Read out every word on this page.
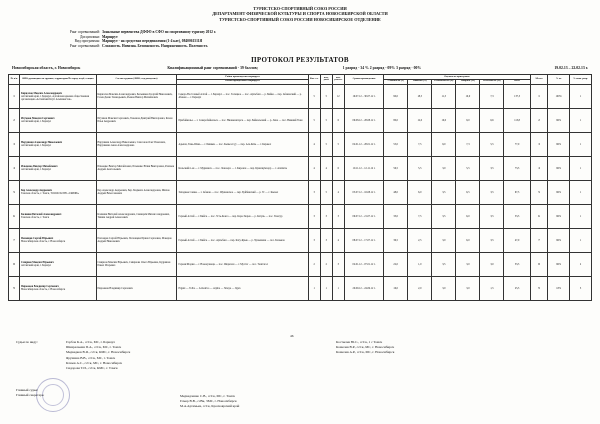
ТУРИСТСКО-СПОРТИВНЫЙ СОЮЗ РОССИИ
ДЕПАРТАМЕНТ ФИЗИЧЕСКОЙ КУЛЬТУРЫ И СПОРТА НОВОСИБИРСКОЙ ОБЛАСТИ
ТУРИСТСКО-СПОРТИВНЫЙ СОЮЗ РОССИИ НОВОСИБИРСКОЕ ОТДЕЛЕНИЕ
Ранг соревнований: Зональные первенства ДФФО в СФО по спортивному туризму 2012 г.
Дисциплина: Маршрут
Вид программы: Маршрут - на средствах передвижения (1-4 кат), 0840061511Я
Ранг соревнований: Сложность. Новизна. Безопасность. Напряженность. Полезность
ПРОТОКОЛ РЕЗУЛЬТАТОВ
Новосибирская область, г. Новосибирск	Квалификационный ранг соревнований - 39 баллов;	1 разряд - 34 % 2 разряд - 09% 3 разряд - 00%	19.02.13 – 22.02.13 г.
№ п/п	ФИО руководителя группы, территория/№ город, клуб, секция	Состав группы (ФИО, год рождения)	Район прохождения маршрута	Кат. сл.	кол. дней	кол. участн.	Сроки прохождения	Оценка по критериям						Место	% от	% вып. разр.
			Нитка пройденного маршрута					Сложность (S)	Новизна (N)	Безопасность (B)	Напряж. (Н)	Полезность (П)	Итог			
1	Кириллов Максим Александрович
Алтайский край, г. Барнаул, Алтайская краевая общественная организация «Алтайский Клуб Альпинистов»	Кириллов Максим Александрович, Бельников Георгий Николаевич, Голев Денис Геннадьевич, Рыжов Виктор Михайлович	Северо-Восточный Алтай — г. Барнаул — пос. Телецкое — пос. Артыбаш — р. Бийка — пер. Абаканский — р. Абакан — г. Барнаул	5	5	12	19.07.12 – 30.07.12 г.	90,0	18,5	11,5	10,0	7,3	137,3	1	100%	1
2	Игумнов Максим Сергеевич
Алтайский край, г. Барнаул	Игумнов Максим Сергеевич, Тюканов Дмитрий Викторович, Кохан Илья Андреевич	Прибайкалье — г. Северобайкальск — пос. Нижнеангарск — пер. Байкальский — р. Лена — пос. Нижний Уоян	5	5	6	09.08.12 – 28.08.12 г.	80,0	12,0	10,0	9,0	6,6	113,8	2	96%	1
3	Нарушкин Александр Николаевич
Алтайский край, г. Барнаул	Нарушкин Александр Николаевич, Самсонов Олег Павлович, Нарушкина Анна Александровна	Адыгея, Тянь-Шань — г. Бишкек — пос. Кызыл-Суу — пер. Ала-Кёль — г. Каракол	4	5	5	02.01.12 – 28.01.12 г.	55,0	7,5	9,0	7,3	5,5	77,0	3	96%	1
4	Ильченко Виктор Михайлович
Алтайский край, г. Барнаул	Ильченко Виктор Михайлович, Ильченко Юлия Викторовна, Рамзаев Андрей Анатольевич	Кольский п-ов — г. Мурманск — пос. Ловозеро — г. Кировск — пер. Кукисвумчорр — г. Апатиты	4	4	6	10.11.12 – 12.11.12 г.	56,5	5,5	3,0	5,5	3,5	73,5	4	96%	1
5	Бер Александр Андреевич
Томская область, г. Томск, ТОООО КЛУБ «СКИФЬ»	Бер Александр Андреевич, Бер Людмила Александровна, Шихов Андрей Вячеславович	Западные Саяны — г. Абакан — пос. Шушенское — пер. Буйбинский — р. Ус — г. Кызыл	3	5	4	05.07.12 – 16.08.12 г.	48,0	6,0	3,5	6,5	3,5	67,5	5	96%	1
6	Калинин Виталий Александрович
Томская область, г. Томск	Калинин Виталий Александрович, Свинарёв Михаил Андреевич, Тишин Андрей Алексеевич	Горный Алтай — г. Бийск — пос. Усть-Кокса — пер. Кара-Тюрек — р. Катунь — пос. Тюнгур	3	3	3	09.07.12 – 21.07.12 г.	33,0	7,5	3,5	6,0	3,5	53,5	6	96%	1
7	Поповцев Сергей Юрьевич
Новосибирская область, г. Новосибирск	Поповцев Сергей Юрьевич, Поповцева Ирина Сергеевна, Макаров Андрей Николаевич	Горный Алтай — г. Бийск — пос. Артыбаш — пер. Кату-Ярык — р. Чулышман — пос. Балыкча	3	3	4	08.07.12 – 17.07.12 г.	36,5	2,5	3,0	6,0	3,5	47,0	7	96%	1
8	Смирнов Максим Юрьевич
Алтайский край, г. Барнаул	Смирнов Максим Юрьевич, Смирнова Ольга Юрьевна, Кудряшов Павел Игоревич	Горная Шория — г. Новокузнецк — пос. Шерегеш — г. Мустаг — пос. Таштагол	2	2	3	02.01.12 – 07.01.12 г.	22,0	1,0	3,5	3,0	3,0	33,5	8	96%	2
9	Пирожков Владимир Сергеевич
Новосибирская область, г. Новосибирск	Пирожков Владимир Сергеевич	Ergaki — Tolbo — Lebedevo — Arjaba — Sinaya — Jigan	1	1	1	20.09.12 – 24.09.12 г.	16,0	2,0	3,0	3,0	1,5	25,5	9	18%	3
46
Судьи по виду:	Горбов К.А., ссСк, МС, г. Барнаул	Костылев Ю.С., ссСк, 1 с Томск
Шнирельман П.А., ссСк, МС, г. Томск	Кошелев В.Р., ссСк, МС, г. Новосибирск
Медведков В.Я., ссСк, КМС, г. Новосибирск	Кошелев А.Р., ссСк, МС, г. Новосибирск
Ярушина В.В., ссСк, МС, г. Томск
Клюев А.С., ссСк, МС, г. Новосибирск
Сидорова Т.И., ссСк, КМС, г. Томск
Главный судья:
Главный секретарь:	Медведченко С.В., ссСк, МС, г. Томск
Гомер В.В., ссВк, ЗМС, г. Новосибирск
М.А.Артемьев, ссСк, Красноярский край
